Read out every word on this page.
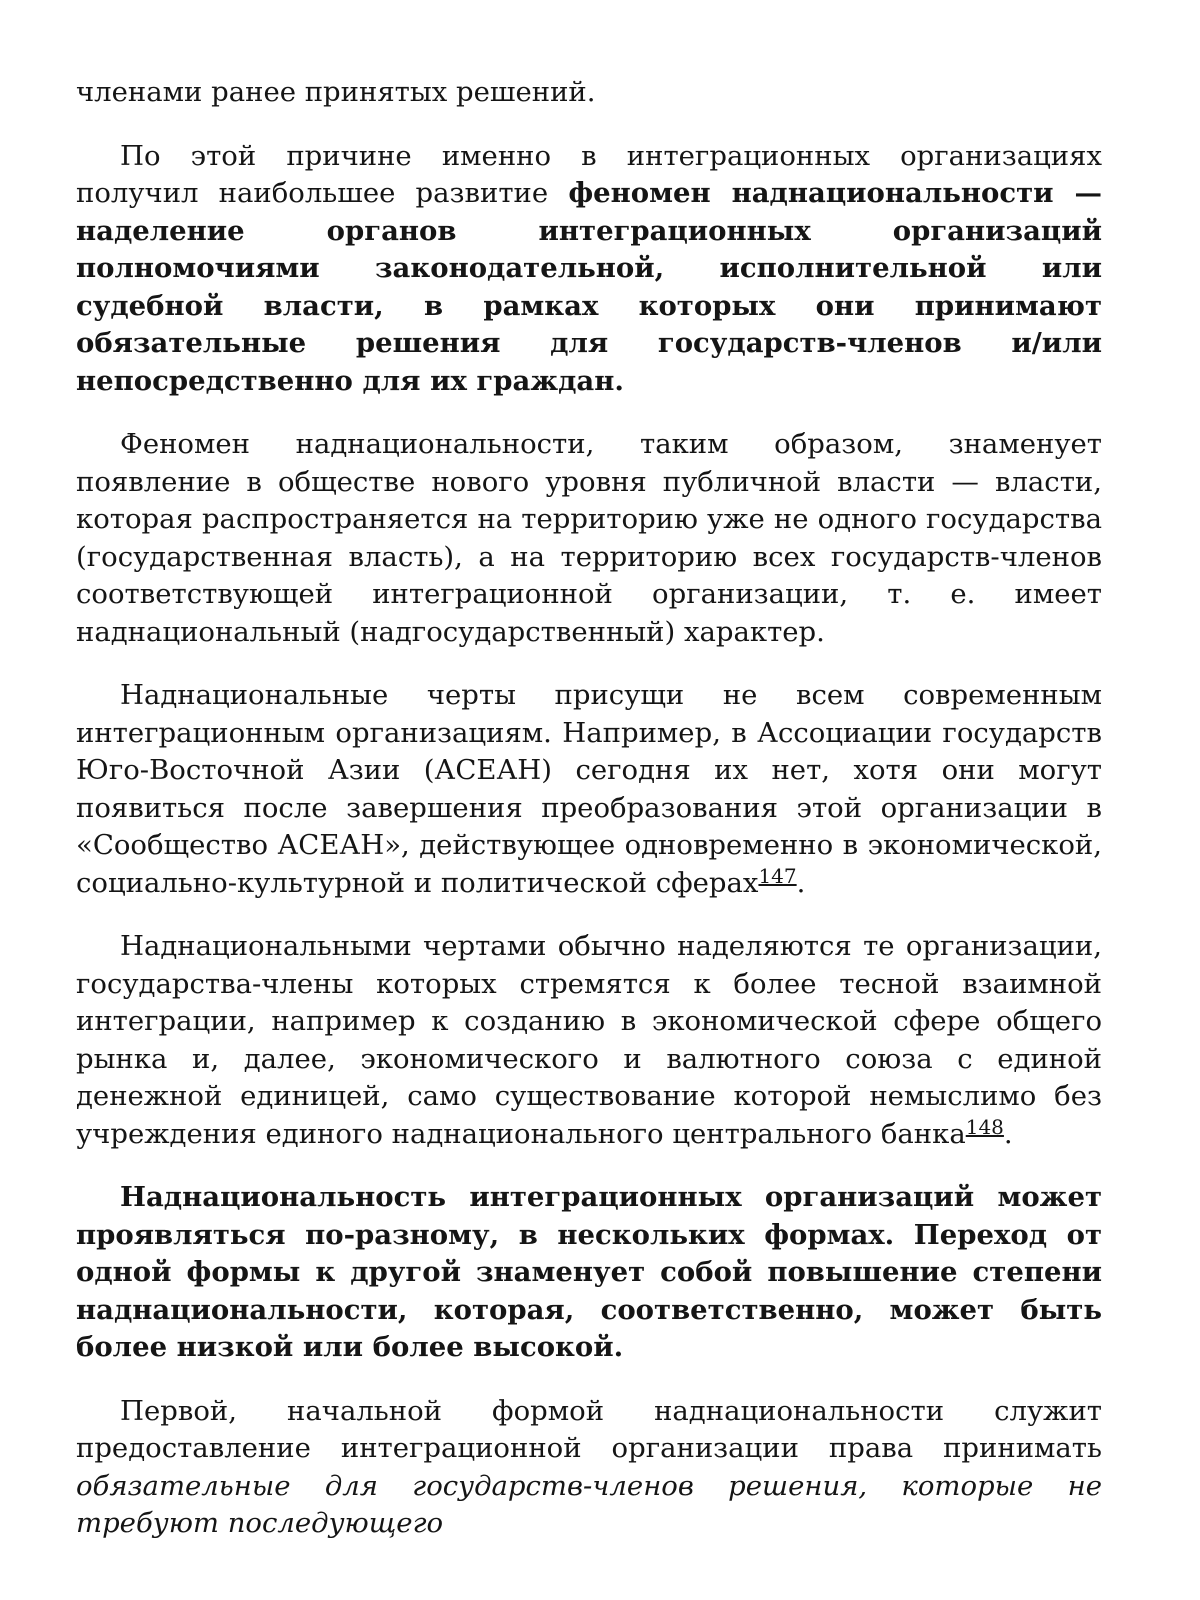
членами ранее принятых решений.

По этой причине именно в интеграционных организациях получил наибольшее развитие феномен наднациональности — наделение органов интеграционных организаций полномочиями законодательной, исполнительной или судебной власти, в рамках которых они принимают обязательные решения для государств-членов и/или непосредственно для их граждан.

Феномен наднациональности, таким образом, знаменует появление в обществе нового уровня публичной власти — власти, которая распространяется на территорию уже не одного государства (государственная власть), а на территорию всех государств-членов соответствующей интеграционной организации, т. е. имеет наднациональный (надгосударственный) характер.

Наднациональные черты присущи не всем современным интеграционным организациям. Например, в Ассоциации государств Юго-Восточной Азии (АСЕАН) сегодня их нет, хотя они могут появиться после завершения преобразования этой организации в «Сообщество АСЕАН», действующее одновременно в экономической, социально-культурной и политической сферах$^{147}$.

Наднациональными чертами обычно наделяются те организации, государства-члены которых стремятся к более тесной взаимной интеграции, например к созданию в экономической сфере общего рынка и, далее, экономического и валютного союза с единой денежной единицей, само существование которой немыслимо без учреждения единого наднационального центрального банка$^{148}$.

Наднациональность интеграционных организаций может проявляться по-разному, в нескольких формах. Переход от одной формы к другой знаменует собой повышение степени наднациональности, которая, соответственно, может быть более низкой или более высокой.

Первой, начальной формой наднациональности служит предоставление интеграционной организации права принимать обязательные для государств-членов решения, которые не требуют последующего
